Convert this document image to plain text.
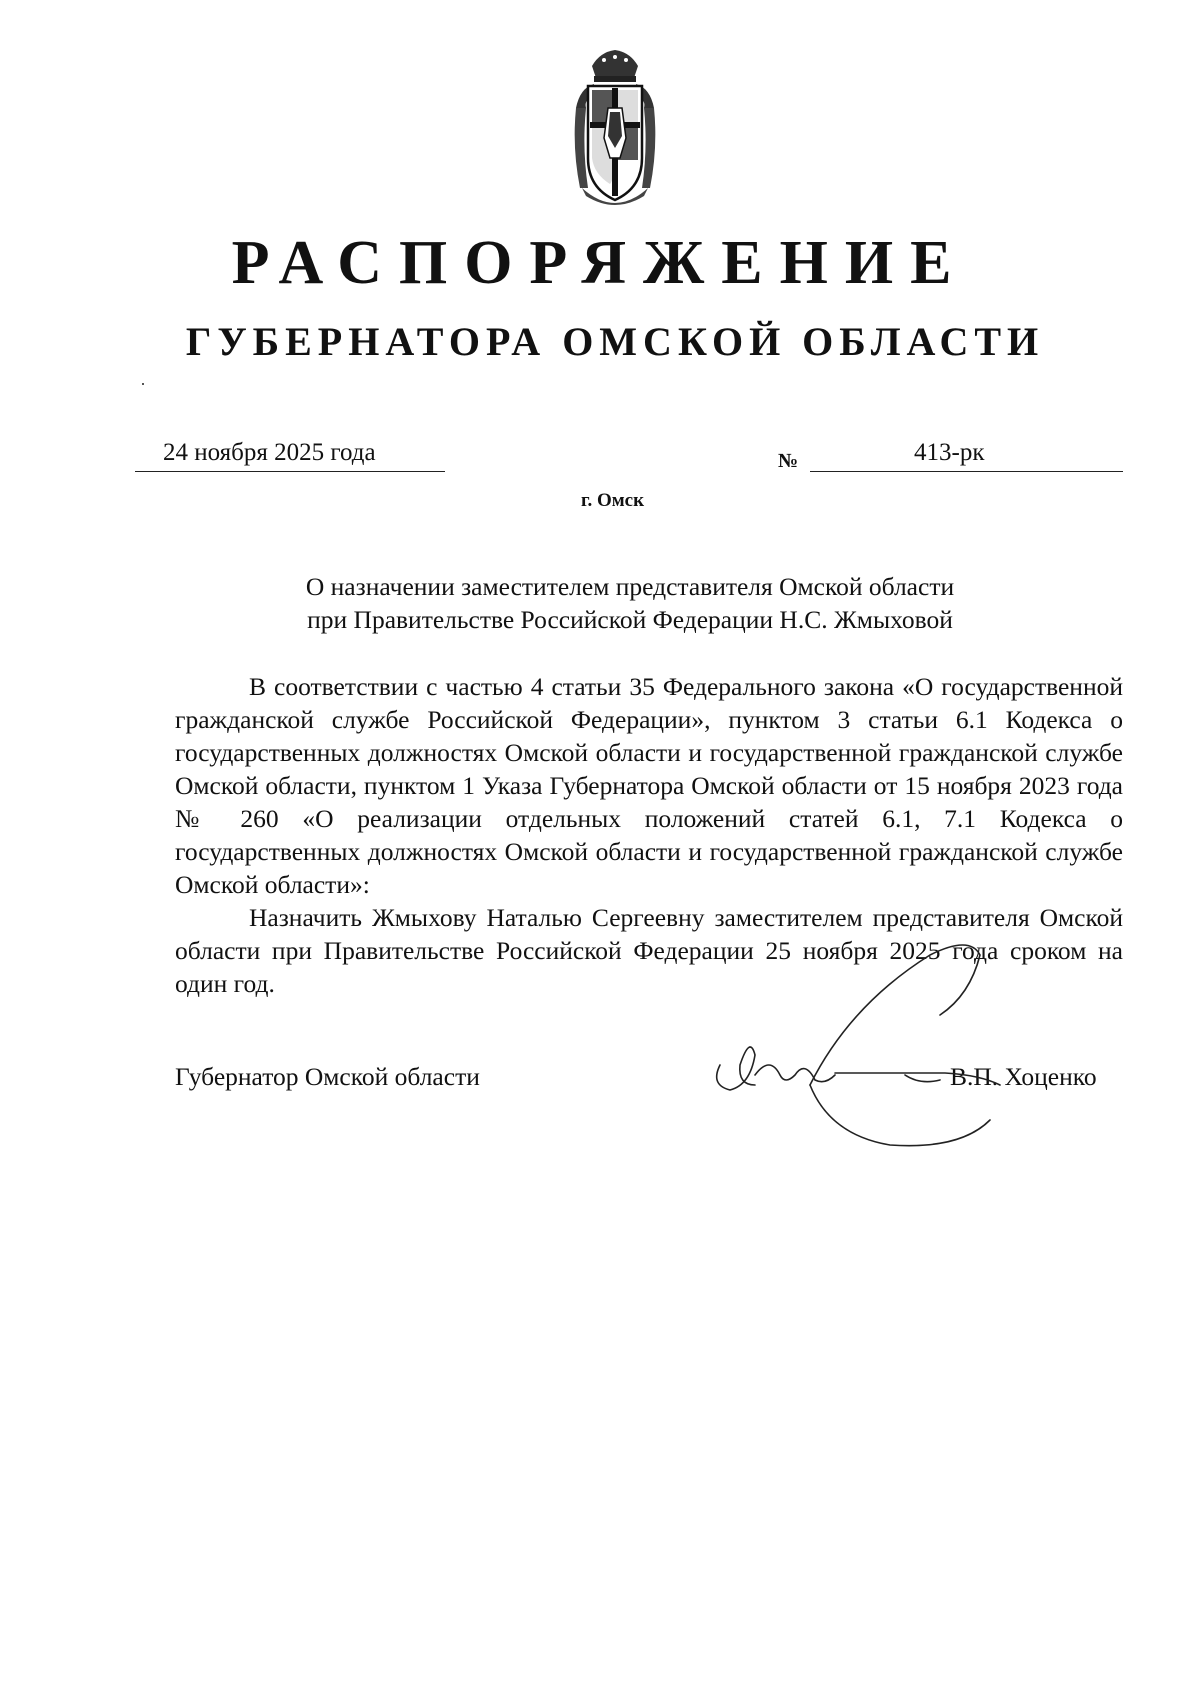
РАСПОРЯЖЕНИЕ
ГУБЕРНАТОРА ОМСКОЙ ОБЛАСТИ
24 ноября 2025 года	№	413-рк
г. Омск
О назначении заместителем представителя Омской области
при Правительстве Российской Федерации Н.С. Жмыховой

В соответствии с частью 4 статьи 35 Федерального закона «О государственной гражданской службе Российской Федерации», пунктом 3 статьи 6.1 Кодекса о государственных должностях Омской области и государственной гражданской службе Омской области, пунктом 1 Указа Губернатора Омской области от 15 ноября 2023 года № 260 «О реализации отдельных положений статей 6.1, 7.1 Кодекса о государственных должностях Омской области и государственной гражданской службе Омской области»:

Назначить Жмыхову Наталью Сергеевну заместителем представителя Омской области при Правительстве Российской Федерации 25 ноября 2025 года сроком на один год.

Губернатор Омской области	В.П. Хоценко
